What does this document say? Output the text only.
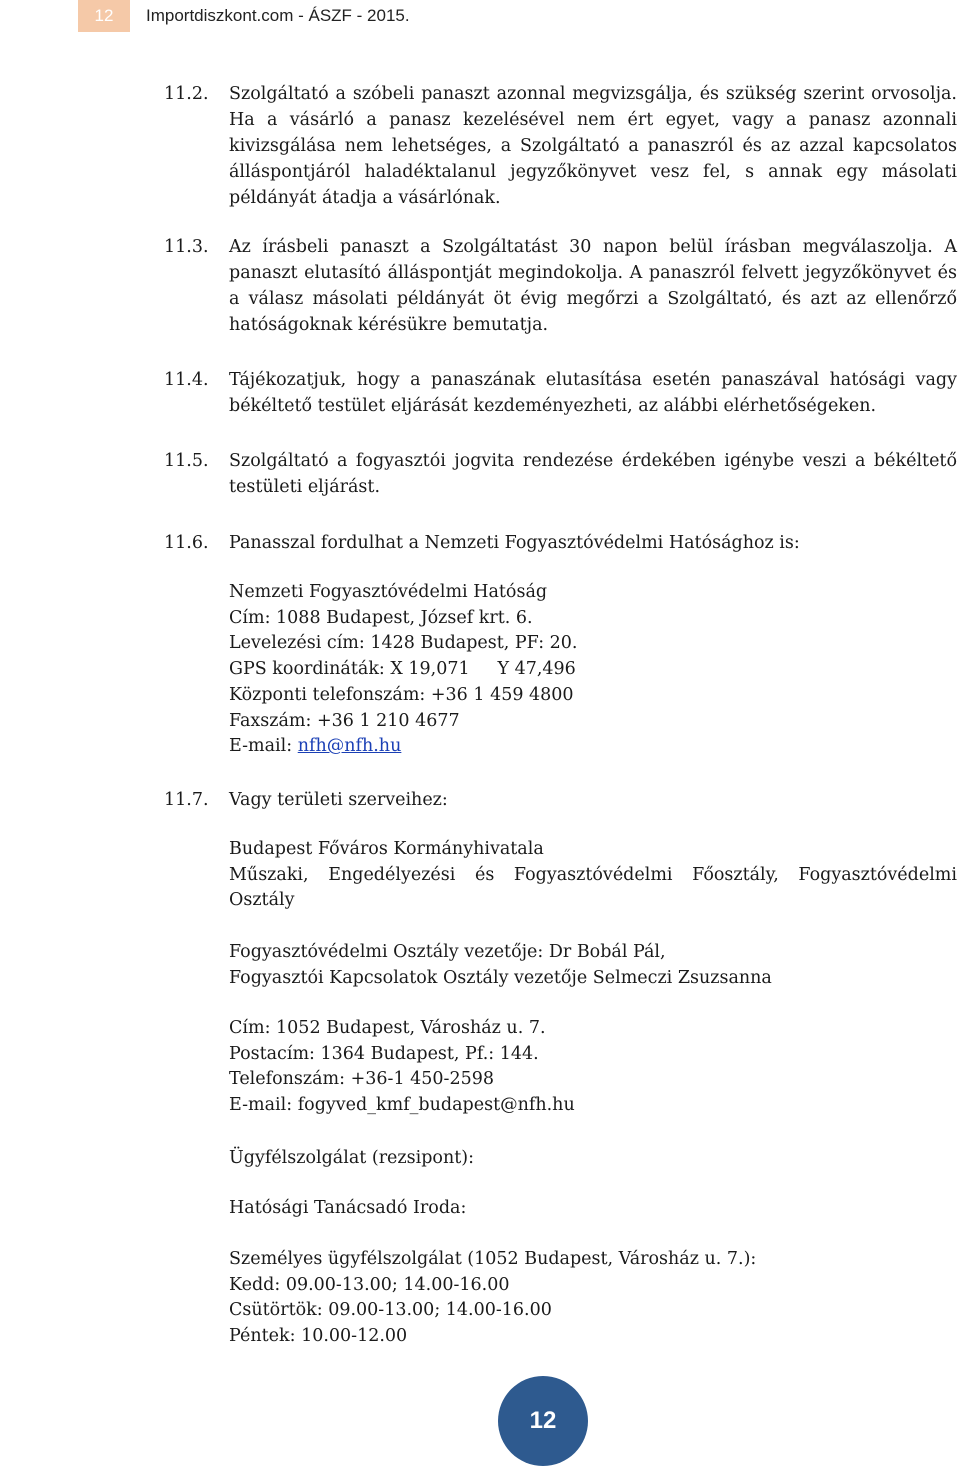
12	Importdiszkont.com - ÁSZF - 2015.
11.2. Szolgáltató a szóbeli panaszt azonnal megvizsgálja, és szükség szerint orvosolja. Ha a vásárló a panasz kezelésével nem ért egyet, vagy a panasz azonnali kivizsgálása nem lehetséges, a Szolgáltató a panaszról és az azzal kapcsolatos álláspontjáról haladéktalanul jegyzőkönyvet vesz fel, s annak egy másolati példányát átadja a vásárlónak.
11.3. Az írásbeli panaszt a Szolgáltatást 30 napon belül írásban megválaszolja. A panaszt elutasító álláspontját megindokolja. A panaszról felvett jegyzőkönyvet és a válasz másolati példányát öt évig megőrzi a Szolgáltató, és azt az ellenőrző hatóságoknak kérésükre bemutatja.
11.4. Tájékozatjuk, hogy a panaszának elutasítása esetén panaszával hatósági vagy békéltető testület eljárását kezdeményezheti, az alábbi elérhetőségeken.
11.5. Szolgáltató a fogyasztói jogvita rendezése érdekében igénybe veszi a békéltető testületi eljárást.
11.6. Panasszal fordulhat a Nemzeti Fogyasztóvédelmi Hatósághoz is:
Nemzeti Fogyasztóvédelmi Hatóság
Cím: 1088 Budapest, József krt. 6.
Levelezési cím: 1428 Budapest, PF: 20.
GPS koordináták: X 19,071     Y 47,496
Központi telefonszám: +36 1 459 4800
Faxszám: +36 1 210 4677
E-mail: nfh@nfh.hu
11.7. Vagy területi szerveihez:
Budapest Főváros Kormányhivatala
Műszaki, Engedélyezési és Fogyasztóvédelmi Főosztály, Fogyasztóvédelmi Osztály
Fogyasztóvédelmi Osztály vezetője: Dr Bobál Pál,
Fogyasztói Kapcsolatok Osztály vezetője Selmeczi Zsuzsanna
Cím: 1052 Budapest, Városház u. 7.
Postacím: 1364 Budapest, Pf.: 144.
Telefonszám: +36-1 450-2598
E-mail: fogyved_kmf_budapest@nfh.hu
Ügyfélszolgálat (rezsipont):
Hatósági Tanácsadó Iroda:
Személyes ügyfélszolgálat (1052 Budapest, Városház u. 7.):
Kedd: 09.00-13.00; 14.00-16.00
Csütörtök: 09.00-13.00; 14.00-16.00
Péntek: 10.00-12.00
12
